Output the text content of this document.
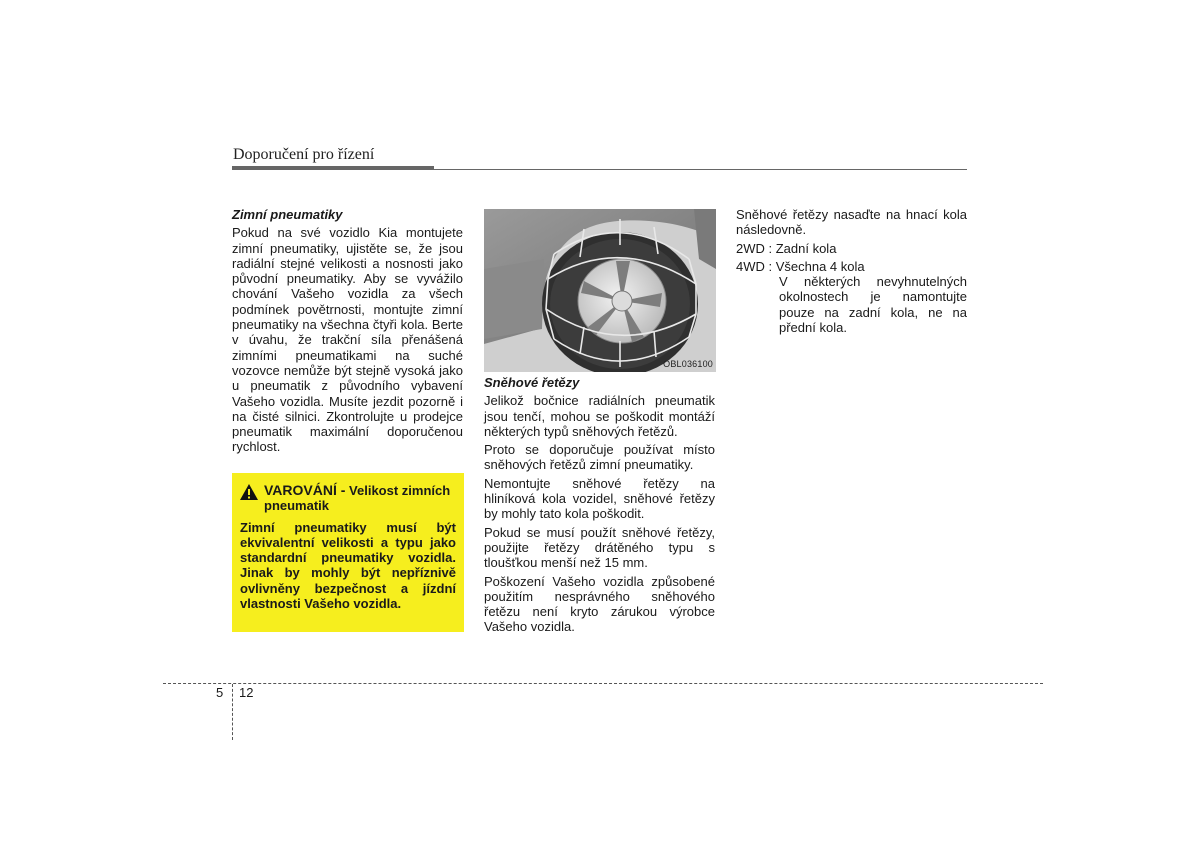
Doporučení pro řízení
Zimní pneumatiky

Pokud na své vozidlo Kia montujete zimní pneumatiky, ujistěte se, že jsou radiální stejné velikosti a nosnosti jako původní pneumatiky. Aby se vyvážilo chování Vašeho vozidla za všech podmínek povětrnosti, montujte zimní pneumatiky na všechna čtyři kola. Berte v úvahu, že trakční síla přenášená zimními pneumatikami na suché vozovce nemůže být stejně vysoká jako u pneumatik z původního vybavení Vašeho vozidla. Musíte jezdit pozorně i na čisté silnici. Zkontrolujte u prodejce pneumatik maximální doporučenou rychlost.

VAROVÁNÍ - Velikost zimních pneumatik
Zimní pneumatiky musí být ekvivalentní velikosti a typu jako standardní pneumatiky vozidla. Jinak by mohly být nepříznivě ovlivněny bezpečnost a jízdní vlastnosti Vašeho vozidla.
OBL036100
Sněhové řetězy

Jelikož bočnice radiálních pneumatik jsou tenčí, mohou se poškodit montáží některých typů sněhových řetězů.

Proto se doporučuje používat místo sněhových řetězů zimní pneumatiky.

Nemontujte sněhové řetězy na hliníková kola vozidel, sněhové řetězy by mohly tato kola poškodit.

Pokud se musí použít sněhové řetězy, použijte řetězy drátěného typu s tloušťkou menší než 15 mm.

Poškození Vašeho vozidla způsobené použitím nesprávného sněhového řetězu není kryto zárukou výrobce Vašeho vozidla.

Sněhové řetězy nasaďte na hnací kola následovně.

2WD : Zadní kola

4WD : Všechna 4 kola

V některých nevyhnutelných okolnostech je namontujte pouze na zadní kola, ne na přední kola.

5 12
